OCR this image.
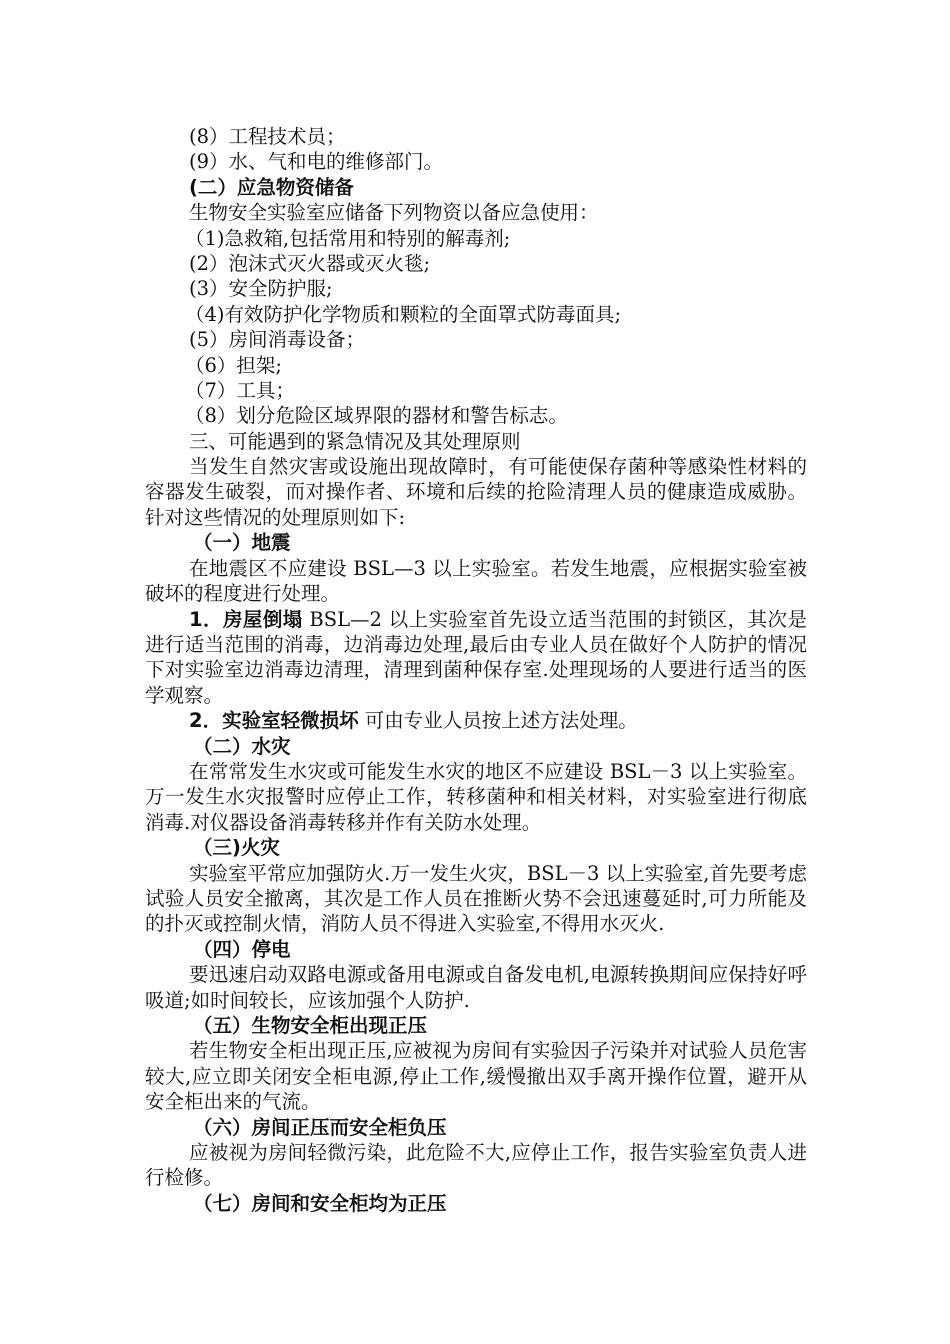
(8）工程技术员；
(9）水、气和电的维修部门。
(二）应急物资储备
生物安全实验室应储备下列物资以备应急使用：
（1)急救箱,包括常用和特别的解毒剂;
(2）泡沫式灭火器或灭火毯;
(3）安全防护服;
（4)有效防护化学物质和颗粒的全面罩式防毒面具;
(5）房间消毒设备；
（6）担架;
（7）工具；
（8）划分危险区域界限的器材和警告标志。
三、可能遇到的紧急情况及其处理原则
当发生自然灾害或设施出现故障时，有可能使保存菌种等感染性材料的容器发生破裂，而对操作者、环境和后续的抢险清理人员的健康造成威胁。针对这些情况的处理原则如下:
（一）地震
在地震区不应建设 BSL—3 以上实验室。若发生地震，应根据实验室被破坏的程度进行处理。
1．房屋倒塌 BSL—2 以上实验室首先设立适当范围的封锁区，其次是进行适当范围的消毒，边消毒边处理,最后由专业人员在做好个人防护的情况下对实验室边消毒边清理，清理到菌种保存室.处理现场的人要进行适当的医学观察。
2．实验室轻微损坏 可由专业人员按上述方法处理。
（二）水灾
在常常发生水灾或可能发生水灾的地区不应建设 BSL－3 以上实验室。万一发生水灾报警时应停止工作，转移菌种和相关材料，对实验室进行彻底消毒.对仪器设备消毒转移并作有关防水处理。
（三)火灾
实验室平常应加强防火.万一发生火灾，BSL－3 以上实验室,首先要考虑试验人员安全撤离，其次是工作人员在推断火势不会迅速蔓延时,可力所能及的扑灭或控制火情，消防人员不得进入实验室,不得用水灭火.
（四）停电
要迅速启动双路电源或备用电源或自备发电机,电源转换期间应保持好呼吸道;如时间较长，应该加强个人防护.
（五）生物安全柜出现正压
若生物安全柜出现正压,应被视为房间有实验因子污染并对试验人员危害较大,应立即关闭安全柜电源,停止工作,缓慢撤出双手离开操作位置，避开从安全柜出来的气流。
（六）房间正压而安全柜负压
应被视为房间轻微污染，此危险不大,应停止工作，报告实验室负责人进行检修。
（七）房间和安全柜均为正压
